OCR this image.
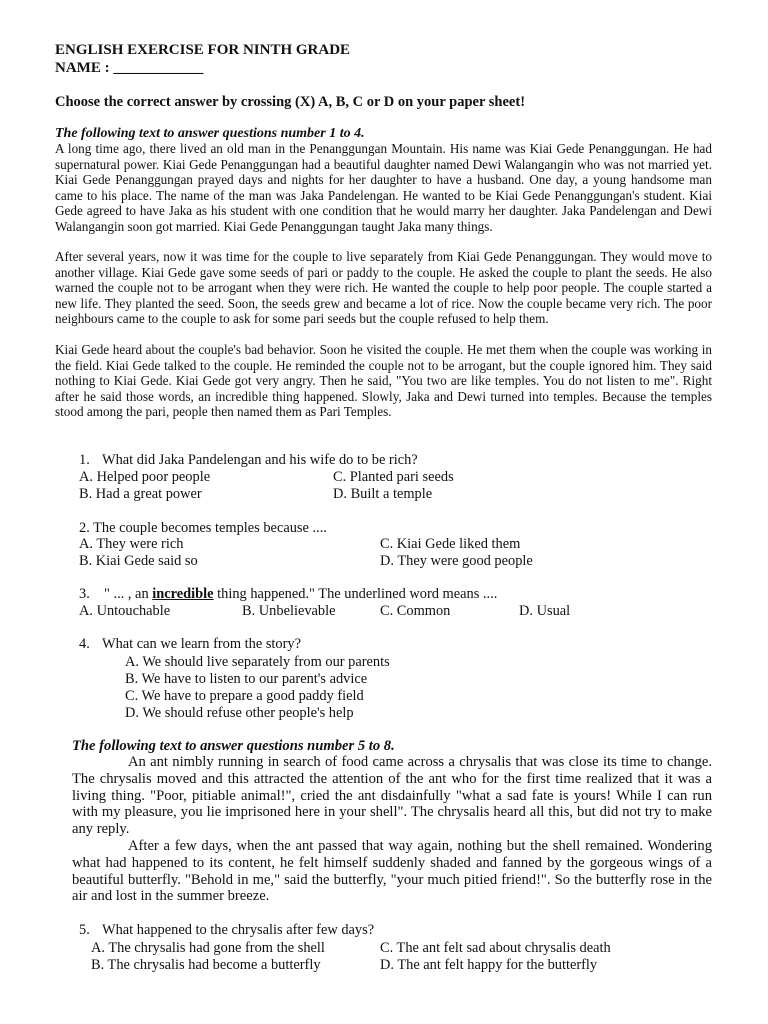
ENGLISH EXERCISE FOR NINTH GRADE
NAME : ____________
Choose the correct answer by crossing (X) A, B, C or D on your paper sheet!
The following text to answer questions number 1 to 4.
A long time ago, there lived an old man in the Penanggungan Mountain. His name was Kiai Gede Penanggungan. He had supernatural power. Kiai Gede Penanggungan had a beautiful daughter named Dewi Walangangin who was not married yet. Kiai Gede Penanggungan prayed days and nights for her daughter to have a husband. One day, a young handsome man came to his place. The name of the man was Jaka Pandelengan. He wanted to be Kiai Gede Penanggungan's student. Kiai Gede agreed to have Jaka as his student with one condition that he would marry her daughter. Jaka Pandelengan and Dewi Walangangin soon got married. Kiai Gede Penanggungan taught Jaka many things.
After several years, now it was time for the couple to live separately from Kiai Gede Penanggungan. They would move to another village. Kiai Gede gave some seeds of pari or paddy to the couple. He asked the couple to plant the seeds. He also warned the couple not to be arrogant when they were rich. He wanted the couple to help poor people. The couple started a new life. They planted the seed. Soon, the seeds grew and became a lot of rice. Now the couple became very rich. The poor neighbours came to the couple to ask for some pari seeds but the couple refused to help them.
Kiai Gede heard about the couple's bad behavior. Soon he visited the couple. He met them when the couple was working in the field. Kiai Gede talked to the couple. He reminded the couple not to be arrogant, but the couple ignored him. They said nothing to Kiai Gede. Kiai Gede got very angry. Then he said, "You two are like temples. You do not listen to me". Right after he said those words, an incredible thing happened. Slowly, Jaka and Dewi turned into temples. Because the temples stood among the pari, people then named them as Pari Temples.
1. What did Jaka Pandelengan and his wife do to be rich?
A. Helped poor people	C. Planted pari seeds
B. Had a great power	D. Built a temple
2. The couple becomes temples because ....
A. They were rich	C. Kiai Gede liked them
B. Kiai Gede said so	D. They were good people
3. " ... , an incredible thing happened." The underlined word means ....
A. Untouchable	B. Unbelievable	C. Common	D. Usual
4. What can we learn from the story?
A. We should live separately from our parents
B. We have to listen to our parent's advice
C. We have to prepare a good paddy field
D. We should refuse other people's help
The following text to answer questions number 5 to 8.
An ant nimbly running in search of food came across a chrysalis that was close its time to change. The chrysalis moved and this attracted the attention of the ant who for the first time realized that it was a living thing. "Poor, pitiable animal!", cried the ant disdainfully "what a sad fate is yours! While I can run with my pleasure, you lie imprisoned here in your shell". The chrysalis heard all this, but did not try to make any reply.
After a few days, when the ant passed that way again, nothing but the shell remained. Wondering what had happened to its content, he felt himself suddenly shaded and fanned by the gorgeous wings of a beautiful butterfly. "Behold in me," said the butterfly, "your much pitied friend!". So the butterfly rose in the air and lost in the summer breeze.
5. What happened to the chrysalis after few days?
A. The chrysalis had gone from the shell	C. The ant felt sad about chrysalis death
B. The chrysalis had become a butterfly	D. The ant felt happy for the butterfly
